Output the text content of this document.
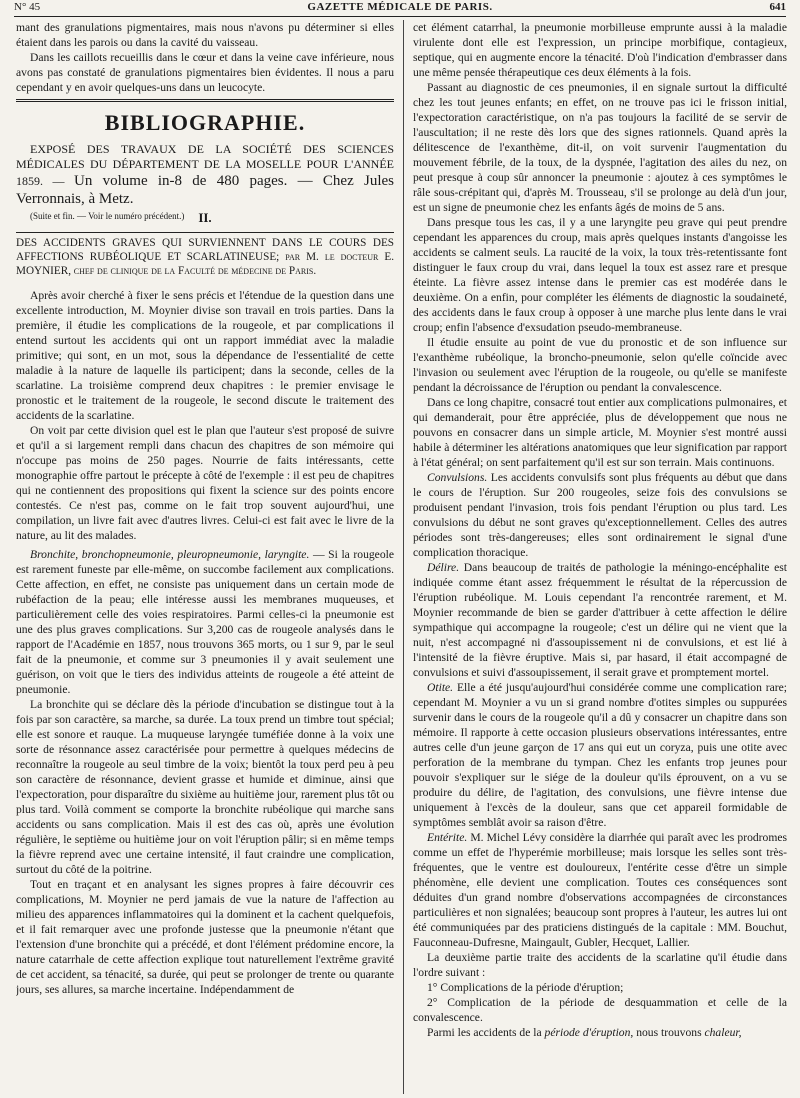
N° 45	GAZETTE MÉDICALE DE PARIS.	641

mant des granulations pigmentaires, mais nous n'avons pu déterminer si elles étaient dans les parois ou dans la cavité du vaisseau.

Dans les caillots recueillis dans le cœur et dans la veine cave inférieure, nous avons pas constaté de granulations pigmentaires bien évidentes. Il nous a paru cependant y en avoir quelques-uns dans un leucocyte.

BIBLIOGRAPHIE.
EXPOSÉ DES TRAVAUX DE LA SOCIÉTÉ DES SCIENCES MÉDICALES DU DÉPARTEMENT DE LA MOSELLE POUR L'ANNÉE 1859. — Un volume in-8 de 480 pages. — Chez Jules Verronnais, à Metz.
(Suite et fin. — Voir le numéro précédent.)	II.

DES ACCIDENTS GRAVES QUI SURVIENNENT DANS LE COURS DES AFFECTIONS RUBÉOLIQUE ET SCARLATINEUSE; par M. le docteur E. MOYNIER, chef de clinique de la Faculté de médecine de Paris.

Après avoir cherché à fixer le sens précis et l'étendue de la question dans une excellente introduction, M. Moynier divise son travail en trois parties. Dans la première, il étudie les complications de la rougeole, et par complications il entend surtout les accidents qui ont un rapport immédiat avec la maladie primitive; qui sont, en un mot, sous la dépendance de l'essentialité de cette maladie à la nature de laquelle ils participent; dans la seconde, celles de la scarlatine. La troisième comprend deux chapitres : le premier envisage le pronostic et le traitement de la rougeole, le second discute le traitement des accidents de la scarlatine.

On voit par cette division quel est le plan que l'auteur s'est proposé de suivre et qu'il a si largement rempli dans chacun des chapitres de son mémoire qui n'occupe pas moins de 250 pages. Nourrie de faits intéressants, cette monographie offre partout le précepte à côté de l'exemple : il est peu de chapitres qui ne contiennent des propositions qui fixent la science sur des points encore contestés. Ce n'est pas, comme on le fait trop souvent aujourd'hui, une compilation, un livre fait avec d'autres livres. Celui-ci est fait avec le livre de la nature, au lit des malades.

Bronchite, bronchopneumonie, pleuropneumonie, laryngite. — Si la rougeole est rarement funeste par elle-même, on succombe facilement aux complications. Cette affection, en effet, ne consiste pas uniquement dans un certain mode de rubéfaction de la peau; elle intéresse aussi les membranes muqueuses, et particulièrement celle des voies respiratoires. Parmi celles-ci la pneumonie est une des plus graves complications. Sur 3,200 cas de rougeole analysés dans le rapport de l'Académie en 1857, nous trouvons 365 morts, ou 1 sur 9, par le seul fait de la pneumonie, et comme sur 3 pneumonies il y avait seulement une guérison, on voit que le tiers des individus atteints de rougeole a été atteint de pneumonie.

La bronchite qui se déclare dès la période d'incubation se distingue tout à la fois par son caractère, sa marche, sa durée. La toux prend un timbre tout spécial; elle est sonore et rauque. La muqueuse laryngée tuméfiée donne à la voix une sorte de résonnance assez caractérisée pour permettre à quelques médecins de reconnaître la rougeole au seul timbre de la voix; bientôt la toux perd peu à peu son caractère de résonnance, devient grasse et humide et diminue, ainsi que l'expectoration, pour disparaître du sixième au huitième jour, rarement plus tôt ou plus tard. Voilà comment se comporte la bronchite rubéolique qui marche sans accidents ou sans complication. Mais il est des cas où, après une évolution régulière, le septième ou huitième jour on voit l'éruption pâlir; si en même temps la fièvre reprend avec une certaine intensité, il faut craindre une complication, surtout du côté de la poitrine.

Tout en traçant et en analysant les signes propres à faire découvrir ces complications, M. Moynier ne perd jamais de vue la nature de l'affection au milieu des apparences inflammatoires qui la dominent et la cachent quelquefois, et il fait remarquer avec une profonde justesse que la pneumonie n'étant que l'extension d'une bronchite qui a précédé, et dont l'élément prédomine encore, la nature catarrhale de cette affection explique tout naturellement l'extrême gravité de cet accident, sa ténacité, sa durée, qui peut se prolonger de trente ou quarante jours, ses allures, sa marche incertaine. Indépendamment de

cet élément catarrhal, la pneumonie morbilleuse emprunte aussi à la maladie virulente dont elle est l'expression, un principe morbifique, contagieux, septique, qui en augmente encore la ténacité. D'où l'indication d'embrasser dans une même pensée thérapeutique ces deux éléments à la fois.

Passant au diagnostic de ces pneumonies, il en signale surtout la difficulté chez les tout jeunes enfants; en effet, on ne trouve pas ici le frisson initial, l'expectoration caractéristique, on n'a pas toujours la facilité de se servir de l'auscultation; il ne reste dès lors que des signes rationnels. Quand après la délitescence de l'exanthème, dit-il, on voit survenir l'augmentation du mouvement fébrile, de la toux, de la dyspnée, l'agitation des ailes du nez, on peut presque à coup sûr annoncer la pneumonie : ajoutez à ces symptômes le râle sous-crépitant qui, d'après M. Trousseau, s'il se prolonge au delà d'un jour, est un signe de pneumonie chez les enfants âgés de moins de 5 ans.

Dans presque tous les cas, il y a une laryngite peu grave qui peut prendre cependant les apparences du croup, mais après quelques instants d'angoisse les accidents se calment seuls. La raucité de la voix, la toux très-retentissante font distinguer le faux croup du vrai, dans lequel la toux est assez rare et presque éteinte. La fièvre assez intense dans le premier cas est modérée dans le deuxième. On a enfin, pour compléter les éléments de diagnostic la soudaineté, des accidents dans le faux croup à opposer à une marche plus lente dans le vrai croup; enfin l'absence d'exsudation pseudo-membraneuse.

Il étudie ensuite au point de vue du pronostic et de son influence sur l'exanthème rubéolique, la broncho-pneumonie, selon qu'elle coïncide avec l'invasion ou seulement avec l'éruption de la rougeole, ou qu'elle se manifeste pendant la décroissance de l'éruption ou pendant la convalescence.

Dans ce long chapitre, consacré tout entier aux complications pulmonaires, et qui demanderait, pour être appréciée, plus de développement que nous ne pouvons en consacrer dans un simple article, M. Moynier s'est montré aussi habile à déterminer les altérations anatomiques que leur signification par rapport à l'état général; on sent parfaitement qu'il est sur son terrain. Mais continuons.

Convulsions. Les accidents convulsifs sont plus fréquents au début que dans le cours de l'éruption. Sur 200 rougeoles, seize fois des convulsions se produisent pendant l'invasion, trois fois pendant l'éruption ou plus tard. Les convulsions du début ne sont graves qu'exceptionnellement. Celles des autres périodes sont très-dangereuses; elles sont ordinairement le signal d'une complication thoracique.

Délire. Dans beaucoup de traités de pathologie la méningo-encéphalite est indiquée comme étant assez fréquemment le résultat de la répercussion de l'éruption rubéolique. M. Louis cependant l'a rencontrée rarement, et M. Moynier recommande de bien se garder d'attribuer à cette affection le délire sympathique qui accompagne la rougeole; c'est un délire qui ne vient que la nuit, n'est accompagné ni d'assoupissement ni de convulsions, et est lié à l'intensité de la fièvre éruptive. Mais si, par hasard, il était accompagné de convulsions et suivi d'assoupissement, il serait grave et promptement mortel.

Otite. Elle a été jusqu'aujourd'hui considérée comme une complication rare; cependant M. Moynier a vu un si grand nombre d'otites simples ou suppurées survenir dans le cours de la rougeole qu'il a dû y consacrer un chapitre dans son mémoire. Il rapporte à cette occasion plusieurs observations intéressantes, entre autres celle d'un jeune garçon de 17 ans qui eut un coryza, puis une otite avec perforation de la membrane du tympan. Chez les enfants trop jeunes pour pouvoir s'expliquer sur le siége de la douleur qu'ils éprouvent, on a vu se produire du délire, de l'agitation, des convulsions, une fièvre intense due uniquement à l'excès de la douleur, sans que cet appareil formidable de symptômes semblât avoir sa raison d'être.

Entérite. M. Michel Lévy considère la diarrhée qui paraît avec les prodromes comme un effet de l'hyperémie morbilleuse; mais lorsque les selles sont très-fréquentes, que le ventre est douloureux, l'entérite cesse d'être un simple phénomène, elle devient une complication. Toutes ces conséquences sont déduites d'un grand nombre d'observations accompagnées de circonstances particulières et non signalées; beaucoup sont propres à l'auteur, les autres lui ont été communiquées par des praticiens distingués de la capitale : MM. Bouchut, Fauconneau-Dufresne, Maingault, Gubler, Hecquet, Lallier.

La deuxième partie traite des accidents de la scarlatine qu'il étudie dans l'ordre suivant :

1° Complications de la période d'éruption;

2° Complication de la période de desquammation et celle de la convalescence.

Parmi les accidents de la période d'éruption, nous trouvons chaleur,
